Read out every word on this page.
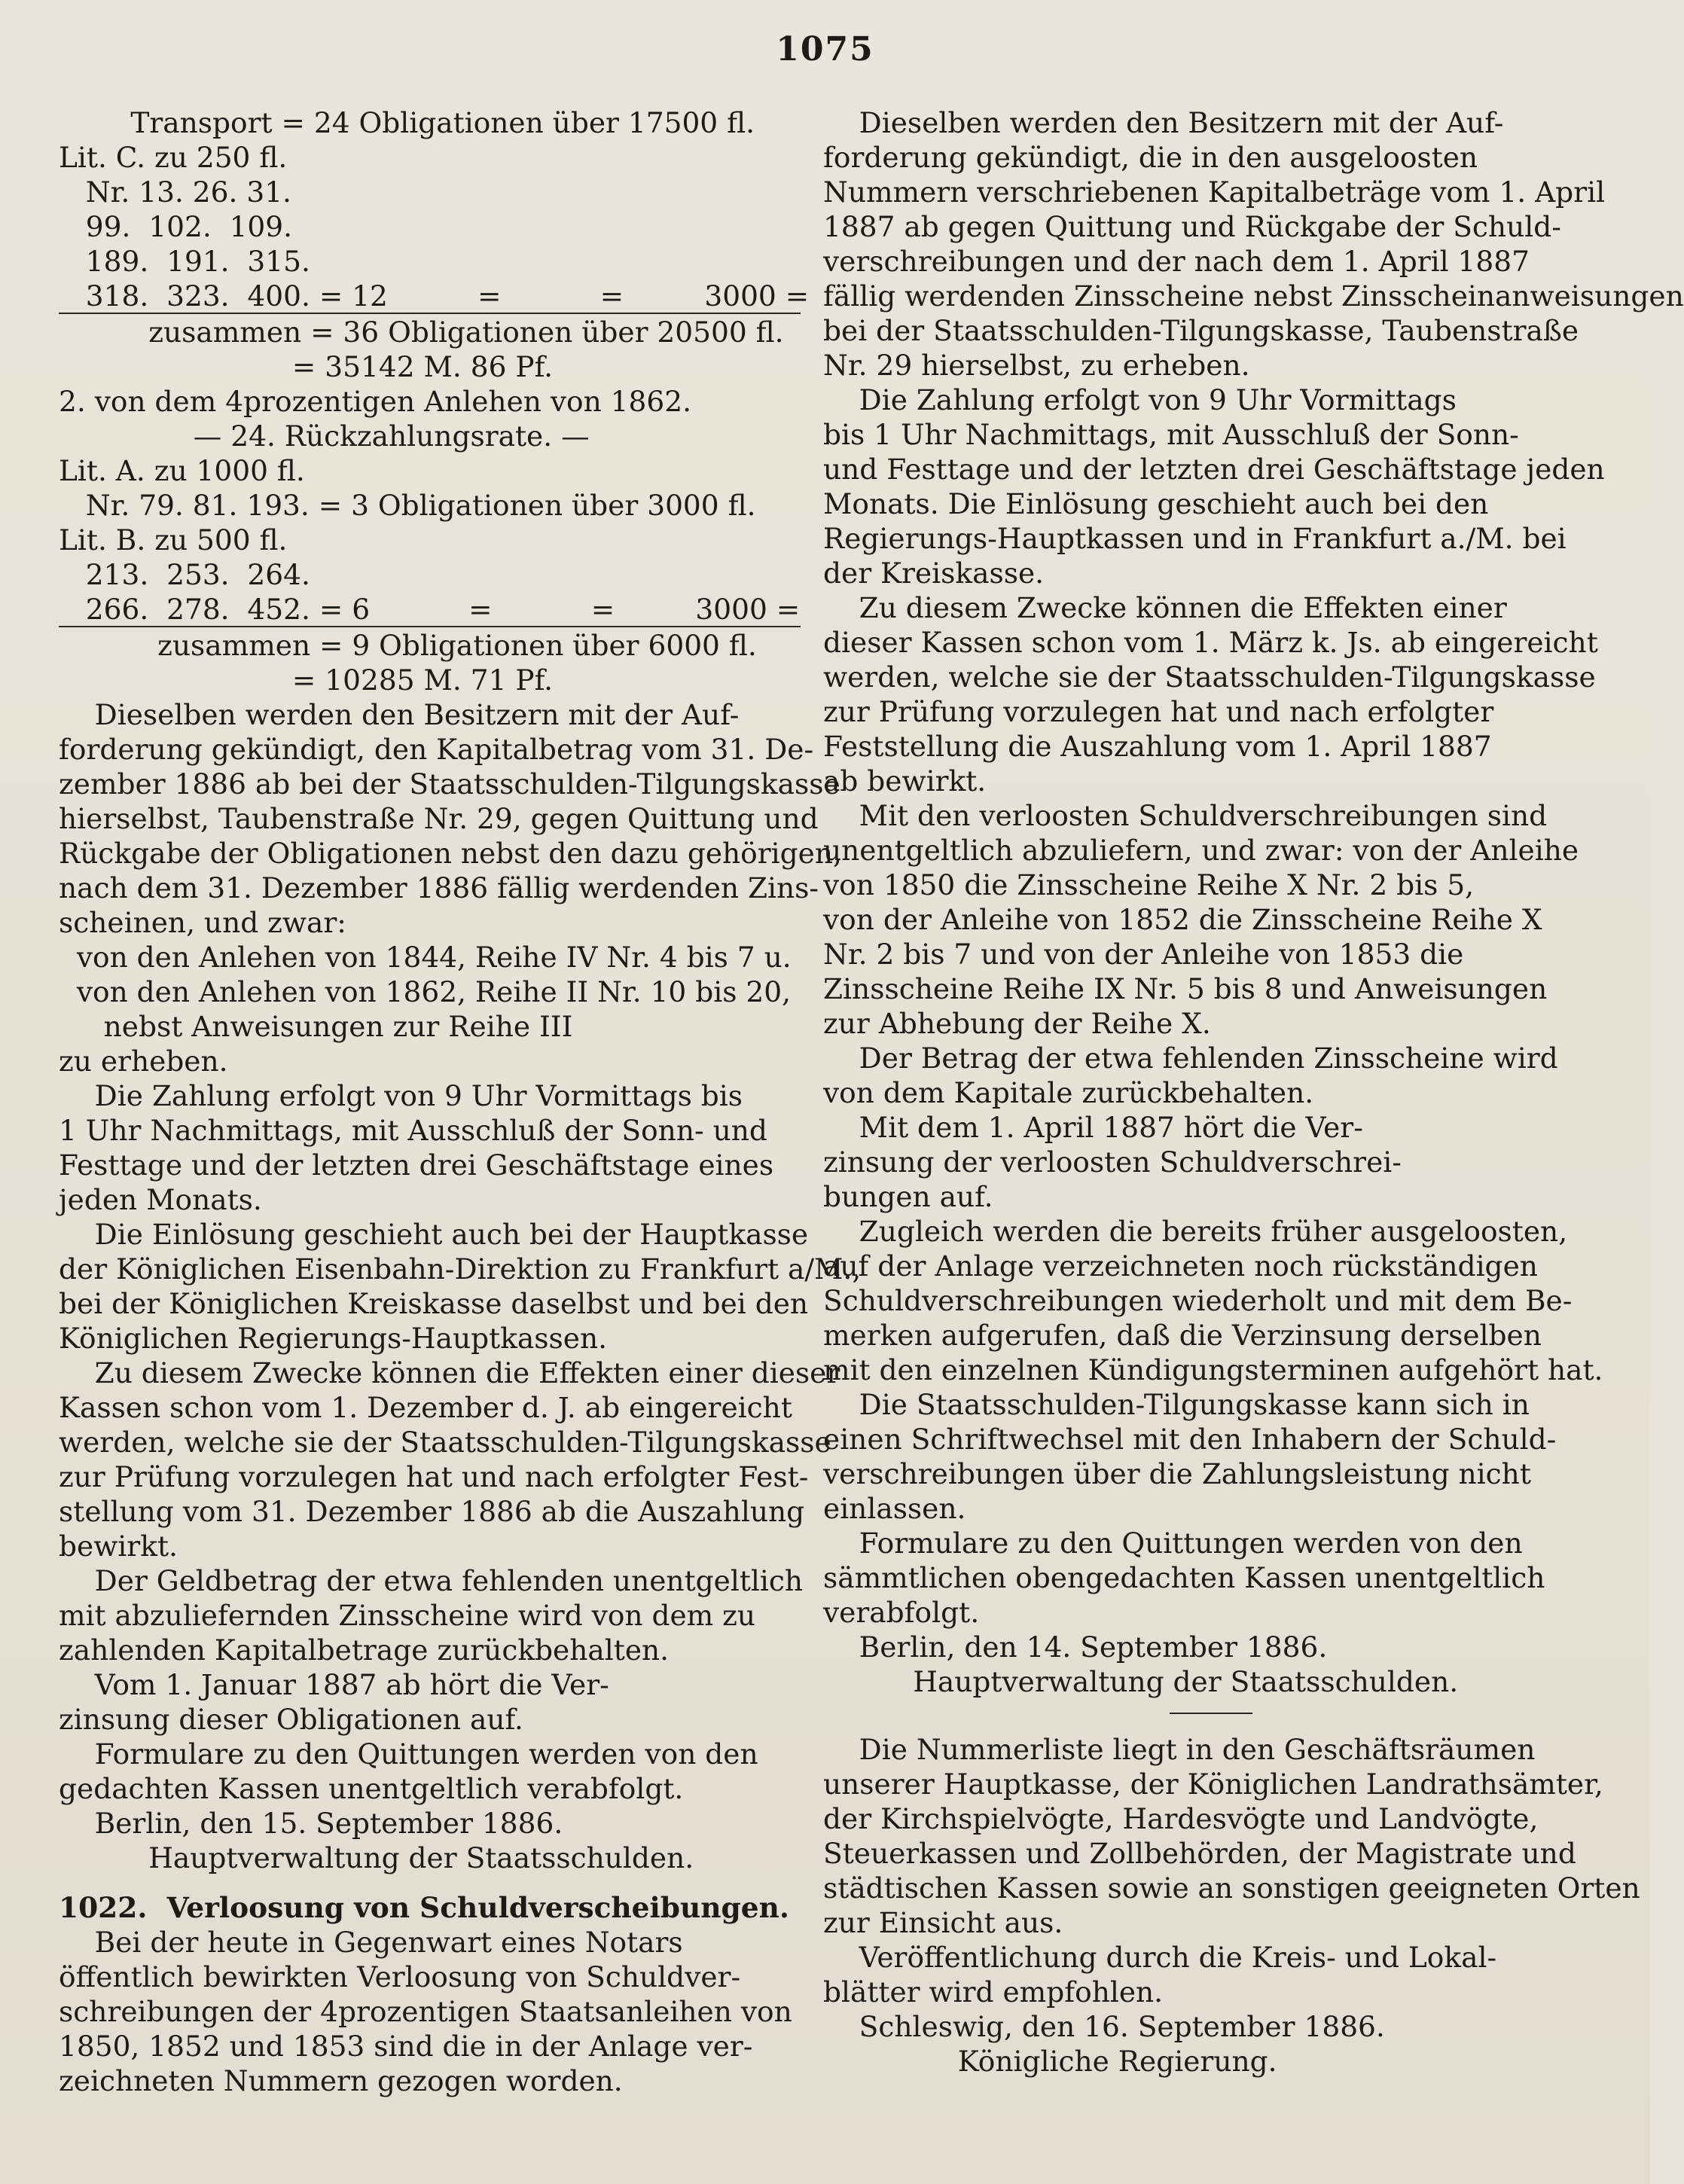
1075
Transport = 24 Obligationen über 17500 fl.
Lit. C. zu 250 fl.
Nr. 13. 26. 31.
99.  102.  109.
189.  191.  315.
318.  323.  400. = 12          =           =         3000 =
zusammen = 36 Obligationen über 20500 fl.
= 35142 M. 86 Pf.
2. von dem 4prozentigen Anlehen von 1862.
— 24. Rückzahlungsrate. —
Lit. A. zu 1000 fl.
Nr. 79. 81. 193. = 3 Obligationen über 3000 fl.
Lit. B. zu 500 fl.
213.  253.  264.
266.  278.  452. = 6           =           =         3000 =
zusammen = 9 Obligationen über 6000 fl.
= 10285 M. 71 Pf.
Dieselben werden den Besitzern mit der Auf-
forderung gekündigt, den Kapitalbetrag vom 31. De-
zember 1886 ab bei der Staatsschulden-Tilgungskasse
hierselbst, Taubenstraße Nr. 29, gegen Quittung und
Rückgabe der Obligationen nebst den dazu gehörigen,
nach dem 31. Dezember 1886 fällig werdenden Zins-
scheinen, und zwar:
von den Anlehen von 1844, Reihe IV Nr. 4 bis 7 u.
von den Anlehen von 1862, Reihe II Nr. 10 bis 20,
nebst Anweisungen zur Reihe III
zu erheben.
Die Zahlung erfolgt von 9 Uhr Vormittags bis
1 Uhr Nachmittags, mit Ausschluß der Sonn- und
Festtage und der letzten drei Geschäftstage eines
jeden Monats.
Die Einlösung geschieht auch bei der Hauptkasse
der Königlichen Eisenbahn-Direktion zu Frankfurt a/M.,
bei der Königlichen Kreiskasse daselbst und bei den
Königlichen Regierungs-Hauptkassen.
Zu diesem Zwecke können die Effekten einer dieser
Kassen schon vom 1. Dezember d. J. ab eingereicht
werden, welche sie der Staatsschulden-Tilgungskasse
zur Prüfung vorzulegen hat und nach erfolgter Fest-
stellung vom 31. Dezember 1886 ab die Auszahlung
bewirkt.
Der Geldbetrag der etwa fehlenden unentgeltlich
mit abzuliefernden Zinsscheine wird von dem zu
zahlenden Kapitalbetrage zurückbehalten.
Vom 1. Januar 1887 ab hört die Ver-
zinsung dieser Obligationen auf.
Formulare zu den Quittungen werden von den
gedachten Kassen unentgeltlich verabfolgt.
Berlin, den 15. September 1886.
Hauptverwaltung der Staatsschulden.
1022. Verloosung von Schuldverscheibungen.
Bei der heute in Gegenwart eines Notars
öffentlich bewirkten Verloosung von Schuldver-
schreibungen der 4prozentigen Staatsanleihen von
1850, 1852 und 1853 sind die in der Anlage ver-
zeichneten Nummern gezogen worden.
Dieselben werden den Besitzern mit der Auf-
forderung gekündigt, die in den ausgeloosten
Nummern verschriebenen Kapitalbeträge vom 1. April
1887 ab gegen Quittung und Rückgabe der Schuld-
verschreibungen und der nach dem 1. April 1887
fällig werdenden Zinsscheine nebst Zinsscheinanweisungen
bei der Staatsschulden-Tilgungskasse, Taubenstraße
Nr. 29 hierselbst, zu erheben.
Die Zahlung erfolgt von 9 Uhr Vormittags
bis 1 Uhr Nachmittags, mit Ausschluß der Sonn-
und Festtage und der letzten drei Geschäftstage jeden
Monats. Die Einlösung geschieht auch bei den
Regierungs-Hauptkassen und in Frankfurt a./M. bei
der Kreiskasse.
Zu diesem Zwecke können die Effekten einer
dieser Kassen schon vom 1. März k. Js. ab eingereicht
werden, welche sie der Staatsschulden-Tilgungskasse
zur Prüfung vorzulegen hat und nach erfolgter
Feststellung die Auszahlung vom 1. April 1887
ab bewirkt.
Mit den verloosten Schuldverschreibungen sind
unentgeltlich abzuliefern, und zwar: von der Anleihe
von 1850 die Zinsscheine Reihe X Nr. 2 bis 5,
von der Anleihe von 1852 die Zinsscheine Reihe X
Nr. 2 bis 7 und von der Anleihe von 1853 die
Zinsscheine Reihe IX Nr. 5 bis 8 und Anweisungen
zur Abhebung der Reihe X.
Der Betrag der etwa fehlenden Zinsscheine wird
von dem Kapitale zurückbehalten.
Mit dem 1. April 1887 hört die Ver-
zinsung der verloosten Schuldverschrei-
bungen auf.
Zugleich werden die bereits früher ausgeloosten,
auf der Anlage verzeichneten noch rückständigen
Schuldverschreibungen wiederholt und mit dem Be-
merken aufgerufen, daß die Verzinsung derselben
mit den einzelnen Kündigungsterminen aufgehört hat.
Die Staatsschulden-Tilgungskasse kann sich in
einen Schriftwechsel mit den Inhabern der Schuld-
verschreibungen über die Zahlungsleistung nicht
einlassen.
Formulare zu den Quittungen werden von den
sämmtlichen obengedachten Kassen unentgeltlich
verabfolgt.
Berlin, den 14. September 1886.
Hauptverwaltung der Staatsschulden.
Die Nummerliste liegt in den Geschäftsräumen
unserer Hauptkasse, der Königlichen Landrathsämter,
der Kirchspielvögte, Hardesvögte und Landvögte,
Steuerkassen und Zollbehörden, der Magistrate und
städtischen Kassen sowie an sonstigen geeigneten Orten
zur Einsicht aus.
Veröffentlichung durch die Kreis- und Lokal-
blätter wird empfohlen.
Schleswig, den 16. September 1886.
Königliche Regierung.
